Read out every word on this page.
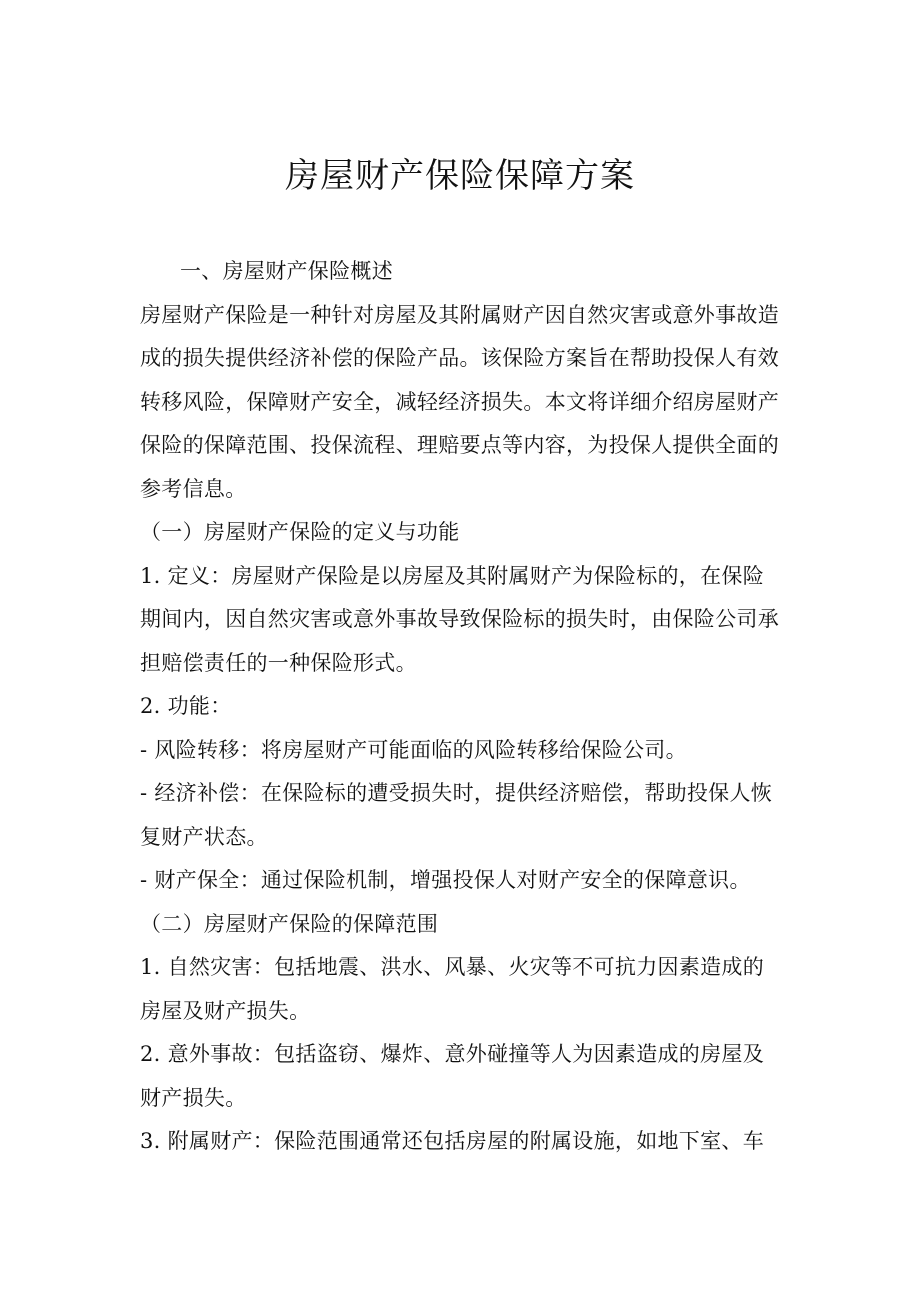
房屋财产保险保障方案

一、房屋财产保险概述

房屋财产保险是一种针对房屋及其附属财产因自然灾害或意外事故造成的损失提供经济补偿的保险产品。该保险方案旨在帮助投保人有效转移风险，保障财产安全，减轻经济损失。本文将详细介绍房屋财产保险的保障范围、投保流程、理赔要点等内容，为投保人提供全面的参考信息。

（一）房屋财产保险的定义与功能

1. 定义：房屋财产保险是以房屋及其附属财产为保险标的，在保险期间内，因自然灾害或意外事故导致保险标的损失时，由保险公司承担赔偿责任的一种保险形式。

2. 功能：

- 风险转移：将房屋财产可能面临的风险转移给保险公司。

- 经济补偿：在保险标的遭受损失时，提供经济赔偿，帮助投保人恢复财产状态。

- 财产保全：通过保险机制，增强投保人对财产安全的保障意识。

（二）房屋财产保险的保障范围

1. 自然灾害：包括地震、洪水、风暴、火灾等不可抗力因素造成的房屋及财产损失。

2. 意外事故：包括盗窃、爆炸、意外碰撞等人为因素造成的房屋及财产损失。

3. 附属财产：保险范围通常还包括房屋的附属设施，如地下室、车
